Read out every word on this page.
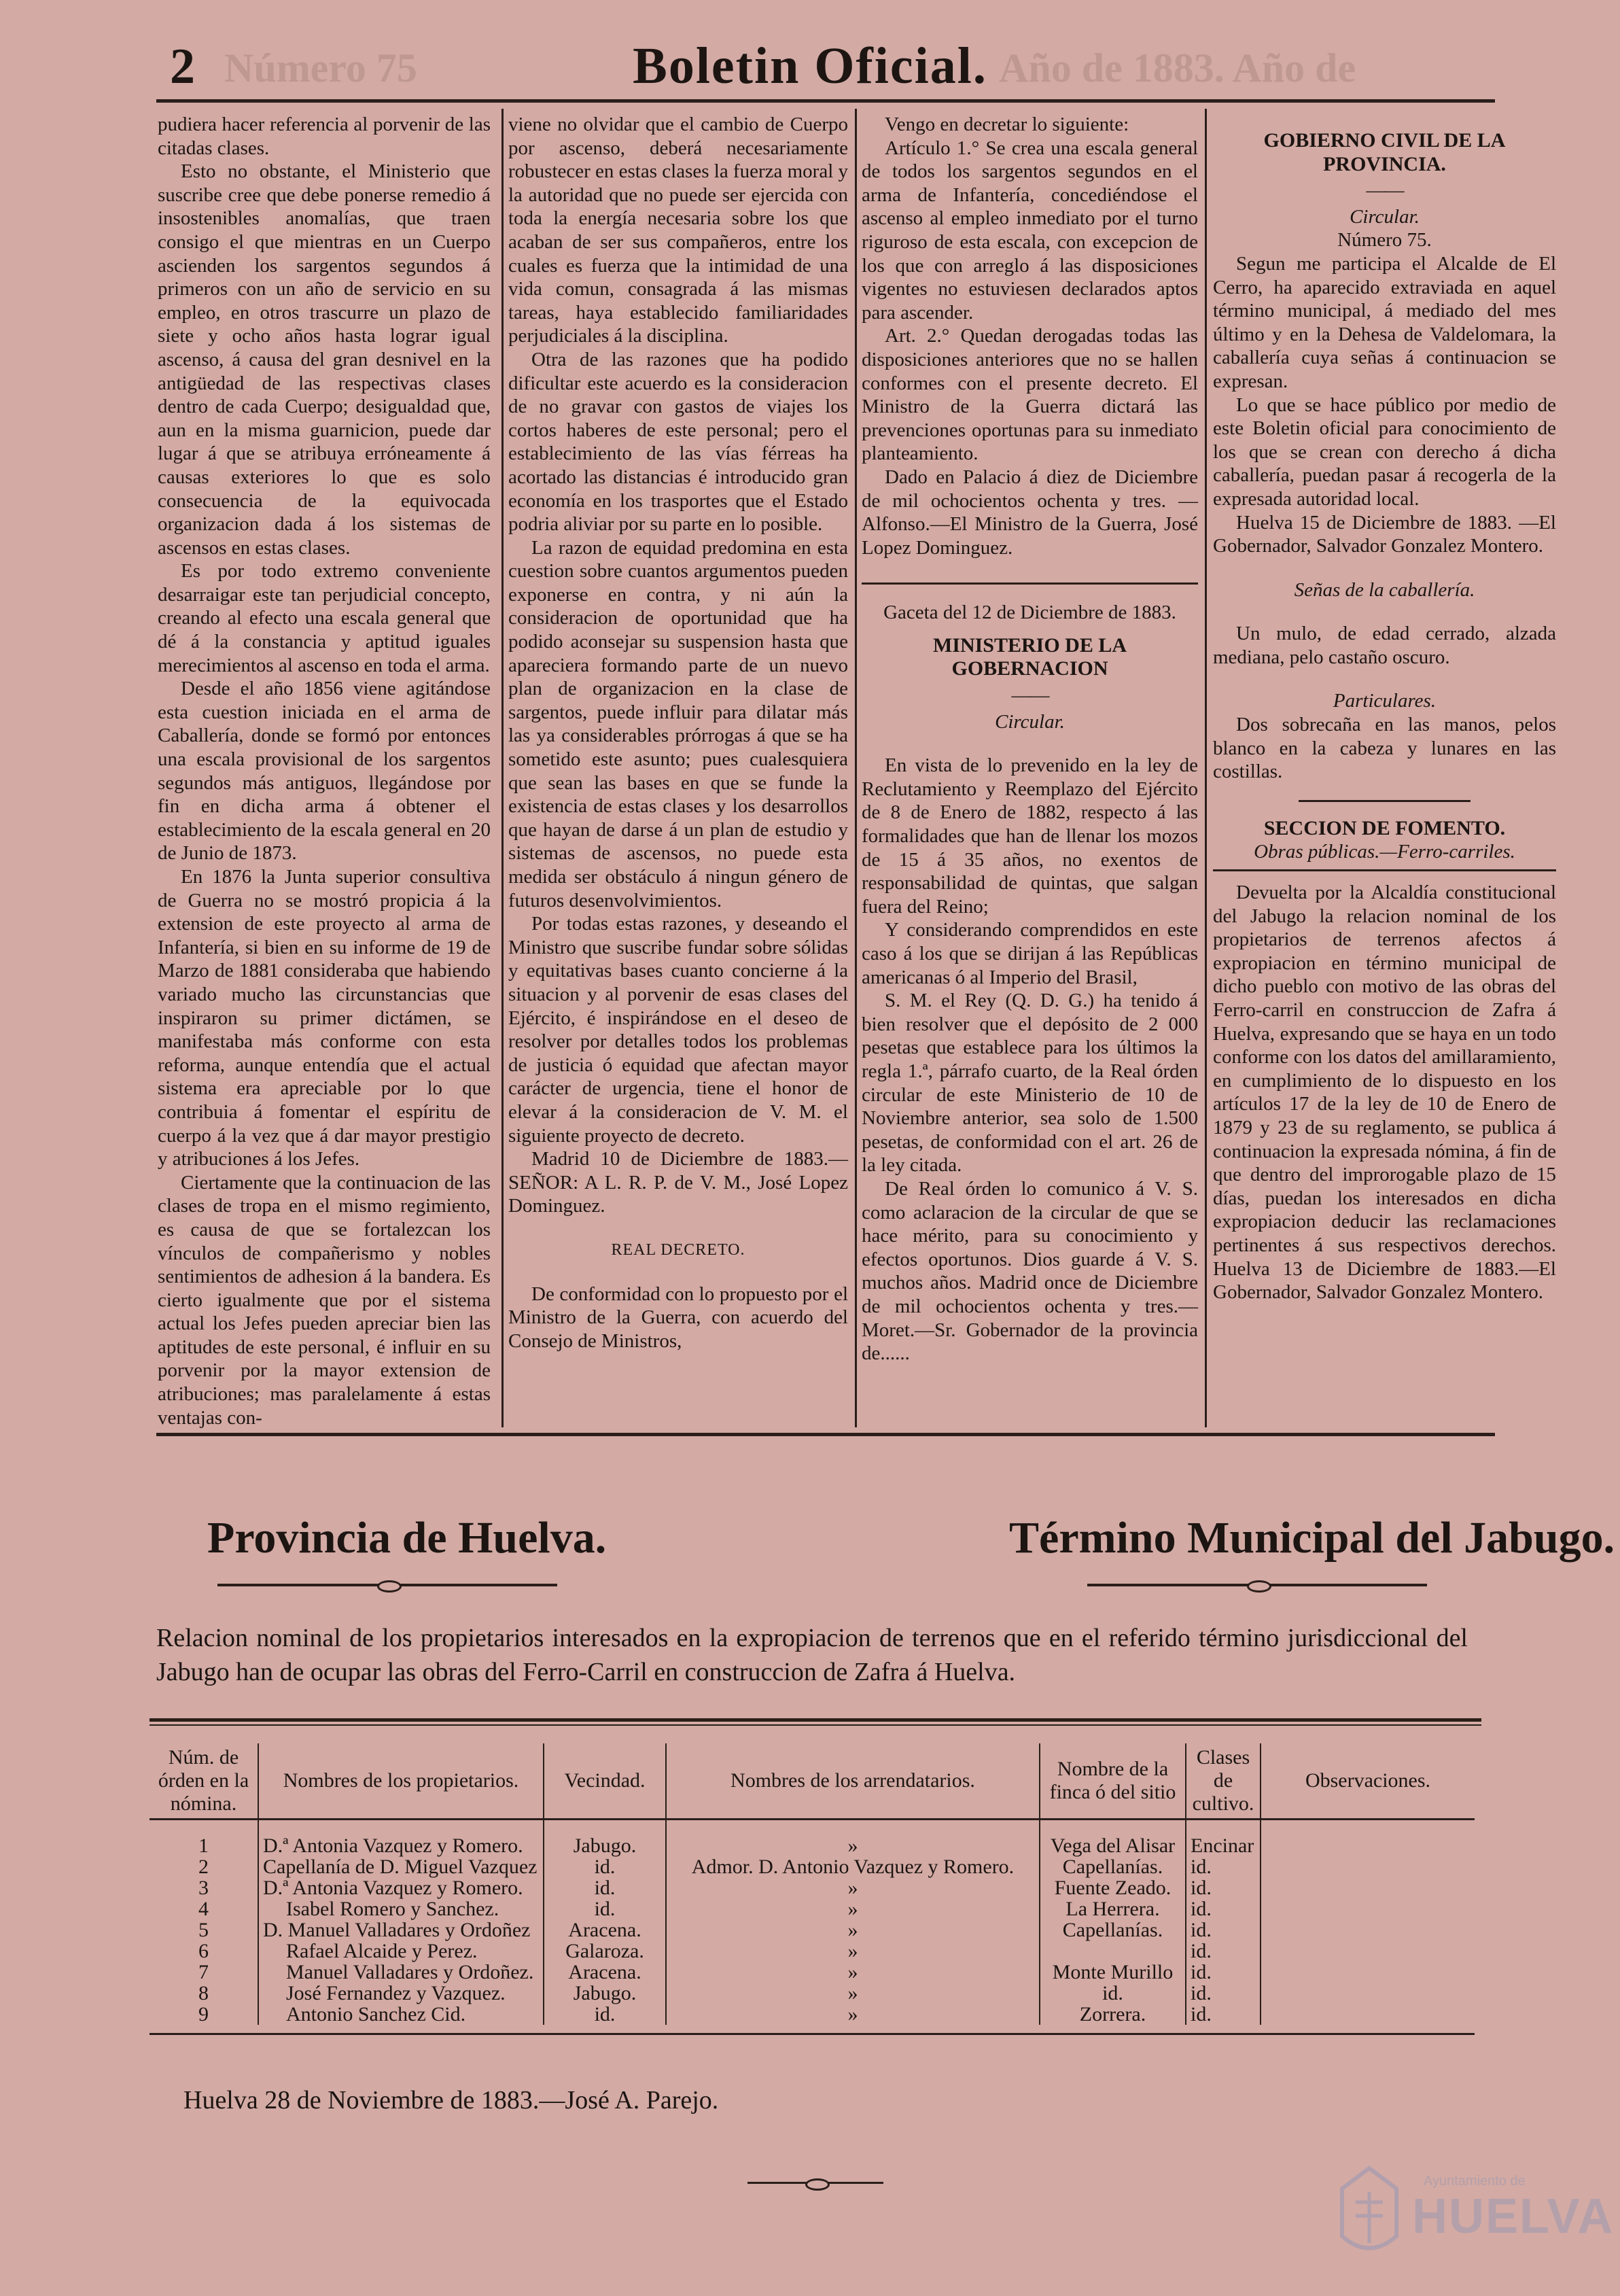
Número 75	Año de 1883. Año de
2	Boletin Oficial.

pudiera hacer referencia al porvenir de las citadas clases.

Esto no obstante, el Ministerio que suscribe cree que debe ponerse remedio á insostenibles anomalías, que traen consigo el que mientras en un Cuerpo ascienden los sargentos segundos á primeros con un año de servicio en su empleo, en otros trascurre un plazo de siete y ocho años hasta lograr igual ascenso, á causa del gran desnivel en la antigüedad de las respectivas clases dentro de cada Cuerpo; desigualdad que, aun en la misma guarnicion, puede dar lugar á que se atribuya erróneamente á causas exteriores lo que es solo consecuencia de la equivocada organizacion dada á los sistemas de ascensos en estas clases.

Es por todo extremo conveniente desarraigar este tan perjudicial concepto, creando al efecto una escala general que dé á la constancia y aptitud iguales merecimientos al ascenso en toda el arma.

Desde el año 1856 viene agitándose esta cuestion iniciada en el arma de Caballería, donde se formó por entonces una escala provisional de los sargentos segundos más antiguos, llegándose por fin en dicha arma á obtener el establecimiento de la escala general en 20 de Junio de 1873.

En 1876 la Junta superior consultiva de Guerra no se mostró propicia á la extension de este proyecto al arma de Infantería, si bien en su informe de 19 de Marzo de 1881 consideraba que habiendo variado mucho las circunstancias que inspiraron su primer dictámen, se manifestaba más conforme con esta reforma, aunque entendía que el actual sistema era apreciable por lo que contribuia á fomentar el espíritu de cuerpo á la vez que á dar mayor prestigio y atribuciones á los Jefes.

Ciertamente que la continuacion de las clases de tropa en el mismo regimiento, es causa de que se fortalezcan los vínculos de compañerismo y nobles sentimientos de adhesion á la bandera. Es cierto igualmente que por el sistema actual los Jefes pueden apreciar bien las aptitudes de este personal, é influir en su porvenir por la mayor extension de atribuciones; mas paralelamente á estas ventajas con-

viene no olvidar que el cambio de Cuerpo por ascenso, deberá necesariamente robustecer en estas clases la fuerza moral y la autoridad que no puede ser ejercida con toda la energía necesaria sobre los que acaban de ser sus compañeros, entre los cuales es fuerza que la intimidad de una vida comun, consagrada á las mismas tareas, haya establecido familiaridades perjudiciales á la disciplina.

Otra de las razones que ha podido dificultar este acuerdo es la consideracion de no gravar con gastos de viajes los cortos haberes de este personal; pero el establecimiento de las vías férreas ha acortado las distancias é introducido gran economía en los trasportes que el Estado podria aliviar por su parte en lo posible.

La razon de equidad predomina en esta cuestion sobre cuantos argumentos pueden exponerse en contra, y ni aún la consideracion de oportunidad que ha podido aconsejar su suspension hasta que apareciera formando parte de un nuevo plan de organizacion en la clase de sargentos, puede influir para dilatar más las ya considerables prórrogas á que se ha sometido este asunto; pues cualesquiera que sean las bases en que se funde la existencia de estas clases y los desarrollos que hayan de darse á un plan de estudio y sistemas de ascensos, no puede esta medida ser obstáculo á ningun género de futuros desenvolvimientos.

Por todas estas razones, y deseando el Ministro que suscribe fundar sobre sólidas y equitativas bases cuanto concierne á la situacion y al porvenir de esas clases del Ejército, é inspirándose en el deseo de resolver por detalles todos los problemas de justicia ó equidad que afectan mayor carácter de urgencia, tiene el honor de elevar á la consideracion de V. M. el siguiente proyecto de decreto.

Madrid 10 de Diciembre de 1883.—SEÑOR: A L. R. P. de V. M., José Lopez Dominguez.

REAL DECRETO.

De conformidad con lo propuesto por el Ministro de la Guerra, con acuerdo del Consejo de Ministros,

Vengo en decretar lo siguiente:

Artículo 1.° Se crea una escala general de todos los sargentos segundos en el arma de Infantería, concediéndose el ascenso al empleo inmediato por el turno riguroso de esta escala, con excepcion de los que con arreglo á las disposiciones vigentes no estuviesen declarados aptos para ascender.

Art. 2.° Quedan derogadas todas las disposiciones anteriores que no se hallen conformes con el presente decreto. El Ministro de la Guerra dictará las prevenciones oportunas para su inmediato planteamiento.

Dado en Palacio á diez de Diciembre de mil ochocientos ochenta y tres. —Alfonso.—El Ministro de la Guerra, José Lopez Dominguez.

Gaceta del 12 de Diciembre de 1883.

MINISTERIO DE LA GOBERNACION

——

Circular.

En vista de lo prevenido en la ley de Reclutamiento y Reemplazo del Ejército de 8 de Enero de 1882, respecto á las formalidades que han de llenar los mozos de 15 á 35 años, no exentos de responsabilidad de quintas, que salgan fuera del Reino;

Y considerando comprendidos en este caso á los que se dirijan á las Repúblicas americanas ó al Imperio del Brasil,

S. M. el Rey (Q. D. G.) ha tenido á bien resolver que el depósito de 2 000 pesetas que establece para los últimos la regla 1.ª, párrafo cuarto, de la Real órden circular de este Ministerio de 10 de Noviembre anterior, sea solo de 1.500 pesetas, de conformidad con el art. 26 de la ley citada.

De Real órden lo comunico á V. S. como aclaracion de la circular de que se hace mérito, para su conocimiento y efectos oportunos. Dios guarde á V. S. muchos años. Madrid once de Diciembre de mil ochocientos ochenta y tres.—Moret.—Sr. Gobernador de la provincia de......

GOBIERNO CIVIL DE LA PROVINCIA.

——

Circular.

Número 75.

Segun me participa el Alcalde de El Cerro, ha aparecido extraviada en aquel término municipal, á mediado del mes último y en la Dehesa de Valdelomara, la caballería cuya señas á continuacion se expresan.

Lo que se hace público por medio de este Boletin oficial para conocimiento de los que se crean con derecho á dicha caballería, puedan pasar á recogerla de la expresada autoridad local.

Huelva 15 de Diciembre de 1883. —El Gobernador, Salvador Gonzalez Montero.

Señas de la caballería.

Un mulo, de edad cerrado, alzada mediana, pelo castaño oscuro.

Particulares.

Dos sobrecaña en las manos, pelos blanco en la cabeza y lunares en las costillas.

SECCION DE FOMENTO.

Obras públicas.—Ferro-carriles.

Devuelta por la Alcaldía constitucional del Jabugo la relacion nominal de los propietarios de terrenos afectos á expropiacion en término municipal de dicho pueblo con motivo de las obras del Ferro-carril en construccion de Zafra á Huelva, expresando que se haya en un todo conforme con los datos del amillaramiento, en cumplimiento de lo dispuesto en los artículos 17 de la ley de 10 de Enero de 1879 y 23 de su reglamento, se publica á continuacion la expresada nómina, á fin de que dentro del improrogable plazo de 15 días, puedan los interesados en dicha expropiacion deducir las reclamaciones pertinentes á sus respectivos derechos. Huelva 13 de Diciembre de 1883.—El Gobernador, Salvador Gonzalez Montero.

Provincia de Huelva.	Término Municipal del Jabugo.
Relacion nominal de los propietarios interesados en la expropiacion de terrenos que en el referido término jurisdiccional del Jabugo han de ocupar las obras del Ferro-Carril en construccion de Zafra á Huelva.
Núm. de órden en la nómina.	Nombres de los propietarios.	Vecindad.	Nombres de los arrendatarios.	Nombre de la finca ó del sitio	Clases de cultivo.	Observaciones.

1	D.ª Antonia Vazquez y Romero.	Jabugo.	»	Vega del Alisar	Encinar	
2	Capellanía de D. Miguel Vazquez	id.	Admor. D. Antonio Vazquez y Romero.	Capellanías.	id.	
3	D.ª Antonia Vazquez y Romero.	id.	»	Fuente Zeado.	id.	
4	Isabel Romero y Sanchez.	id.	»	La Herrera.	id.	
5	D. Manuel Valladares y Ordoñez	Aracena.	»	Capellanías.	id.	
6	Rafael Alcaide y Perez.	Galaroza.	»		id.	
7	Manuel Valladares y Ordoñez.	Aracena.	»	Monte Murillo	id.	
8	José Fernandez y Vazquez.	Jabugo.	»	id.	id.	
9	Antonio Sanchez Cid.	id.	»	Zorrera.	id.	

Huelva 28 de Noviembre de 1883.—José A. Parejo.
Ayuntamiento de
HUELVA
